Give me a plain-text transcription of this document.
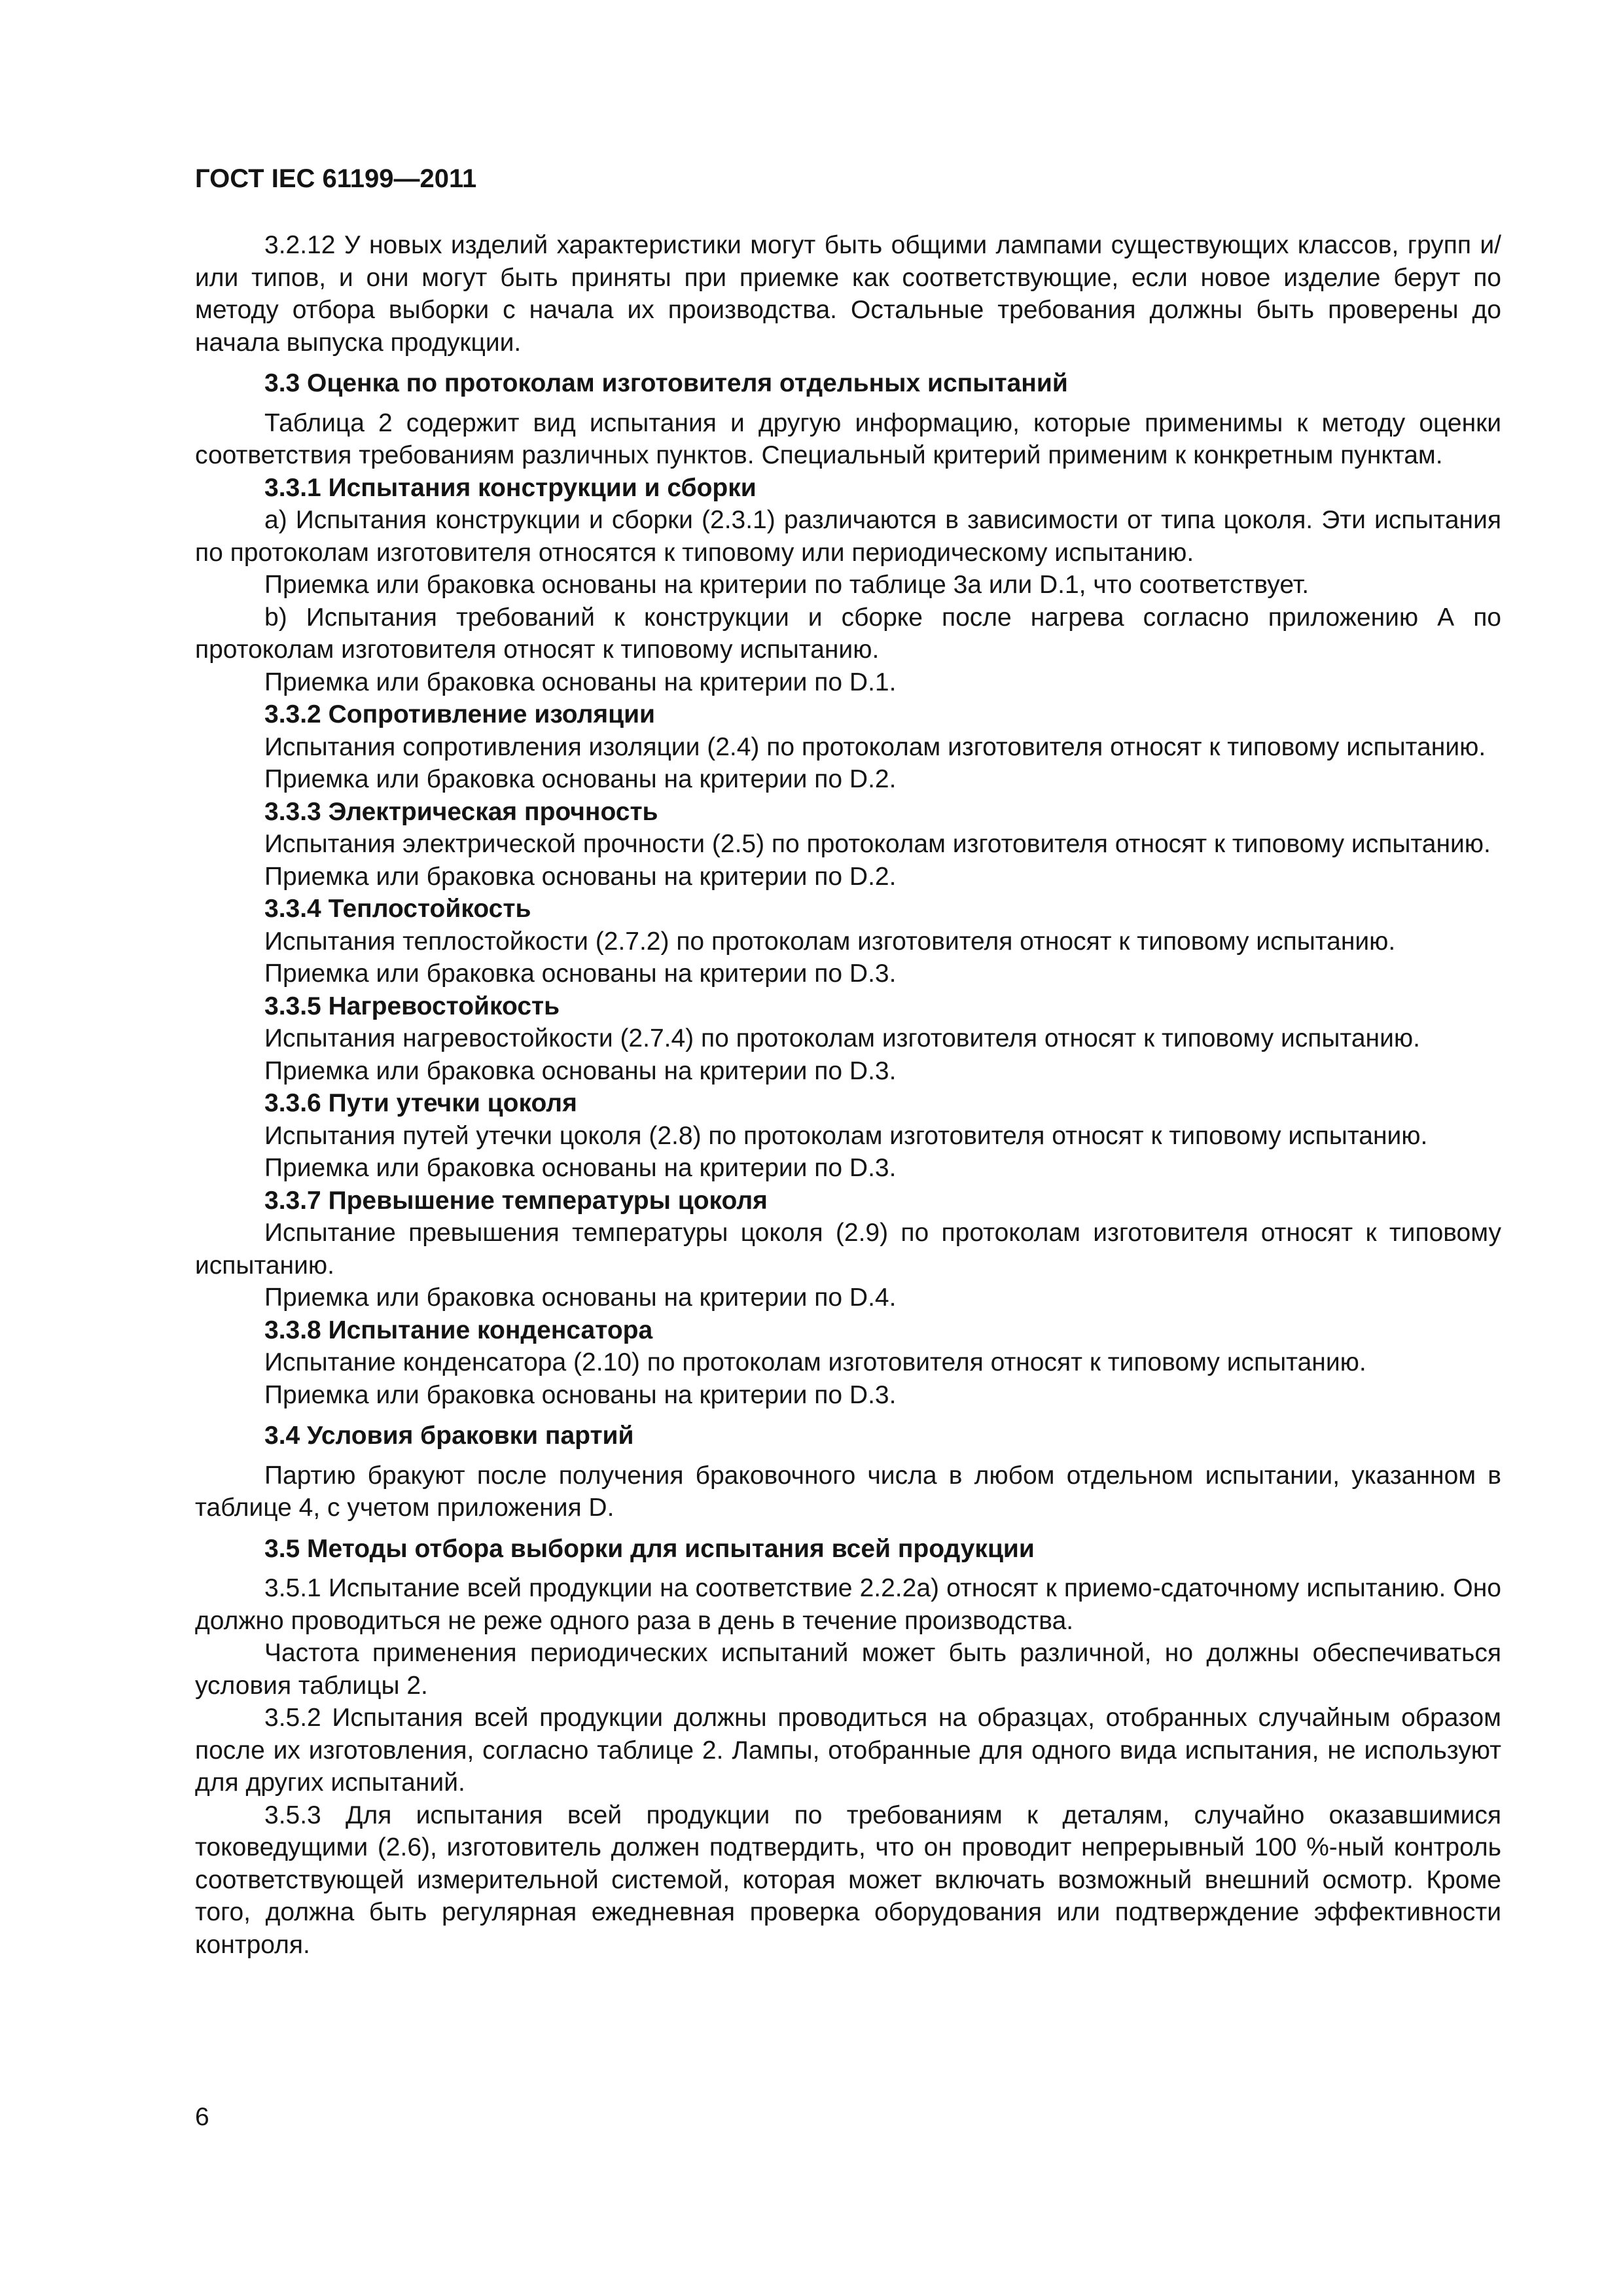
ГОСТ IEC 61199—2011

3.2.12 У новых изделий характеристики могут быть общими лампами существующих классов, групп и/или типов, и они могут быть приняты при приемке как соответствующие, если новое изделие берут по методу отбора выборки с начала их производства. Остальные требования должны быть проверены до начала выпуска продукции.

3.3 Оценка по протоколам изготовителя отдельных испытаний

Таблица 2 содержит вид испытания и другую информацию, которые применимы к методу оценки соответствия требованиям различных пунктов. Специальный критерий применим к конкретным пунктам.

3.3.1 Испытания конструкции и сборки

a) Испытания конструкции и сборки (2.3.1) различаются в зависимости от типа цоколя. Эти испытания по протоколам изготовителя относятся к типовому или периодическому испытанию.

Приемка или браковка основаны на критерии по таблице 3а или D.1, что соответствует.

b) Испытания требований к конструкции и сборке после нагрева согласно приложению А по протоколам изготовителя относят к типовому испытанию.

Приемка или браковка основаны на критерии по D.1.

3.3.2 Сопротивление изоляции

Испытания сопротивления изоляции (2.4) по протоколам изготовителя относят к типовому испытанию.

Приемка или браковка основаны на критерии по D.2.

3.3.3 Электрическая прочность

Испытания электрической прочности (2.5) по протоколам изготовителя относят к типовому испытанию.

Приемка или браковка основаны на критерии по D.2.

3.3.4 Теплостойкость

Испытания теплостойкости (2.7.2) по протоколам изготовителя относят к типовому испытанию.

Приемка или браковка основаны на критерии по D.3.

3.3.5 Нагревостойкость

Испытания нагревостойкости (2.7.4) по протоколам изготовителя относят к типовому испытанию.

Приемка или браковка основаны на критерии по D.3.

3.3.6 Пути утечки цоколя

Испытания путей утечки цоколя (2.8) по протоколам изготовителя относят к типовому испытанию.

Приемка или браковка основаны на критерии по D.3.

3.3.7 Превышение температуры цоколя

Испытание превышения температуры цоколя (2.9) по протоколам изготовителя относят к типовому испытанию.

Приемка или браковка основаны на критерии по D.4.

3.3.8 Испытание конденсатора

Испытание конденсатора (2.10) по протоколам изготовителя относят к типовому испытанию.

Приемка или браковка основаны на критерии по D.3.

3.4 Условия браковки партий

Партию бракуют после получения браковочного числа в любом отдельном испытании, указанном в таблице 4, с учетом приложения D.

3.5 Методы отбора выборки для испытания всей продукции

3.5.1 Испытание всей продукции на соответствие 2.2.2а) относят к приемо-сдаточному испытанию. Оно должно проводиться не реже одного раза в день в течение производства.

Частота применения периодических испытаний может быть различной, но должны обеспечиваться условия таблицы 2.

3.5.2 Испытания всей продукции должны проводиться на образцах, отобранных случайным образом после их изготовления, согласно таблице 2. Лампы, отобранные для одного вида испытания, не используют для других испытаний.

3.5.3 Для испытания всей продукции по требованиям к деталям, случайно оказавшимися токоведущими (2.6), изготовитель должен подтвердить, что он проводит непрерывный 100 %-ный контроль соответствующей измерительной системой, которая может включать возможный внешний осмотр. Кроме того, должна быть регулярная ежедневная проверка оборудования или подтверждение эффективности контроля.

6
